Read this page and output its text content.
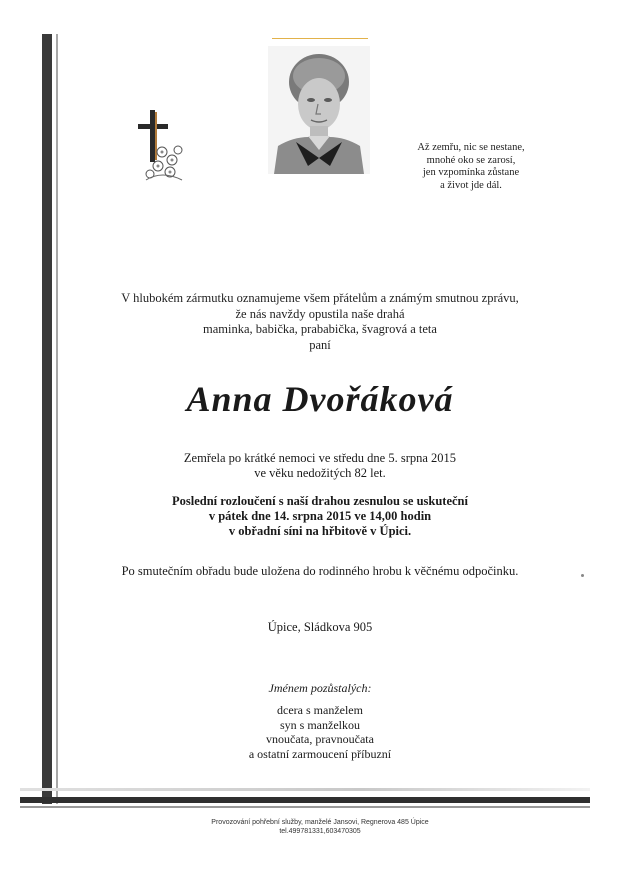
Až zemřu, nic se nestane,
mnohé oko se zarosí,
jen vzpomínka zůstane
a život jde dál.
V hlubokém zármutku oznamujeme všem přátelům a známým smutnou zprávu,
že nás navždy opustila naše drahá
maminka, babička, prababička, švagrová a teta
paní
Anna Dvořáková
Zemřela po krátké nemoci ve středu dne 5. srpna 2015
ve věku nedožitých 82 let.
Poslední rozloučení s naší drahou zesnulou se uskuteční
v pátek dne 14. srpna 2015 ve 14,00 hodin
v obřadní síni na hřbitově v Úpici.
Po smutečním obřadu bude uložena do rodinného hrobu k věčnému odpočinku.
Úpice, Sládkova 905
Jménem pozůstalých:
dcera s manželem
syn s manželkou
vnoučata, pravnoučata
a ostatní zarmoucení příbuzní
Provozování pohřební služby, manželé Jansovi, Regnerova 485 Úpice
tel.499781331,603470305
